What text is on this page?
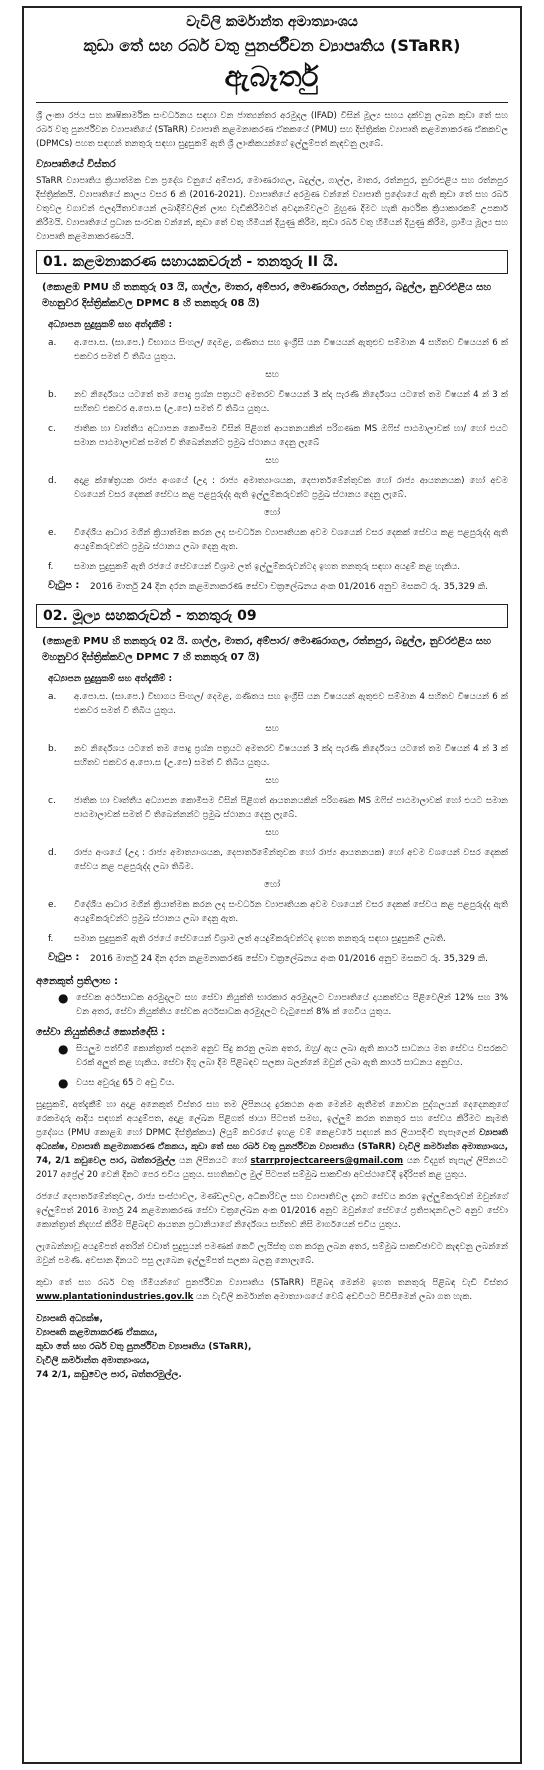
වැවිලි කර්මාන්ත අමාත්‍යාංශය
කුඩා තේ සහ රබර් වතු පුනර්ජීවන ව්‍යාපෘතිය (STaRR)
ඇබෑර්තු

ශ්‍රී ලංකා රජය සහ කෘෂිකාර්මික සංවර්ධනය සඳහා වන ජාත්‍යන්තර අරමුදල (IFAD) විසින් මූල්‍ය සහය දක්වනු ලබන කුඩා තේ සහ රබර් වතු පුනර්ජීවන ව්‍යාපෘතියේ (STaRR) ව්‍යාපෘති කළමනාකරණ ඒකකයේ (PMU) සහ දිස්ත්‍රික්ක ව්‍යාපෘති කළමනාකරණ ඒකකවල (DPMCs) පහත සඳහන් තනතුරු සඳහා සුදුසුකම් ඇති ශ්‍රී ලාංකිකයන්ගේ ඉල්ලුම්පත් කැඳවනු ලැබේ.

ව්‍යාපෘතියේ විස්තර

STaRR ව්‍යාපෘතිය ක්‍රියාත්මක වන ප්‍රදේශ වනුයේ අම්පාර, මොණරාගල, බදුල්ල, ගාල්ල, මාතර, රත්නපුර, නුවරඑළිය සහ රත්නපුර දිස්ත්‍රික්කයි. ව්‍යාපෘතියේ කාලය වසර 6 කි (2016-2021). ව්‍යාපෘතියේ අරමුණ වන්නේ ව්‍යාපෘති ප්‍රදේශයේ ඇති කුඩා තේ සහ රබර් වතුවල වගාවන් ඵලදායීතාවයෙන් ලබාදීම්වලින් ලාභ වැඩිකිරීමටත් අවදානම්වලට මුහුණ දීමට හැකි ආර්ථික ක්‍රියාකාරකම් උපකාර් කිරීමයි. ව්‍යාපෘතියේ ප්‍රධාන සංරචක වන්නේ, කුඩා තේ වතු හිමියන් දියුණු කිරීම, කුඩා රබර් වතු හිමියන් දියුණු කිරීම, ග්‍රාමීය මූල්‍ය සහ ව්‍යාපෘති කළමනාකරණයයි.

01. කළමනාකරණ සහායකවරුන් - තනතුරු II යි.
(කොළඹ PMU හි තනතුරු 03 යි, ගාල්ල, මාතර, අම්පාර, මොණරාගල, රත්නපුර, බදුල්ල, නුවරඑළිය සහ මහනුවර දිස්ත්‍රික්කවල DPMC 8 හි තනතුරු 08 යි)
අධ්‍යාපන සුදුසුකම් සහ අත්දැකීම් :
a.	අ.පො.ස. (සා.පෙ.) විභාගය සිංහල/ දෙමළ, ගණිතය සහ ඉංග්‍රීසි යන විෂයයන් ඇතුළුව සම්මාන 4 සහිතව විෂයයන් 6 ක් එකවර සමත් වී තිබිය යුතුය.
සහ
b.	නව නිර්දේශය යටතේ තම පොදු ප්‍රශ්න පත්‍රයට අමතරව විෂයයන් 3 ක්ද පැරණි නිර්දේශය යටතේ තම විෂයන් 4 න් 3 ක් සහිතව එකවර අ.පො.ස (උ.පෙ) සමත් වී තිබිය යුතුය.
c.	ජාතික හා වෘත්තීය අධ්‍යාපන කොමිසම විසින් පිළිගත් ආයතනයකින් පරිගණක MS ඔෆිස් පාඨමාලාවක් හා/ හෝ එයට සමාන පාඨමාලාවක් සමත් වී තිබෙන්නන්ට ප්‍රමුඛ ස්ථානය දෙනු ලැබේ
සහ
d.	අදාළ ක්ෂේත්‍රයක රාජ්‍ය අංශයේ (උදා : රාජ්‍ය අමාත්‍යාංශයක, දෙපාර්තමේන්තුවක හෝ රාජ්‍ය ආයතනයක) හෝ අවම වශයෙන් වසර දෙකක් සේවය කළ පළපුරුද්ද ඇති ඉල්ලුම්කරුවන්ට ප්‍රමුඛ ස්ථානය දෙනු ලැබේ.
හෝ
e.	විදේශීය ආධාර මගින් ක්‍රියාත්මක කරන ලද සංවර්ධන ව්‍යාපෘතියක අවම වශයෙන් වසර දෙකක් සේවය කළ පළපුරුද්ද ඇති අයදුම්කරුවන්ට ප්‍රමුඛ ස්ථානය ලබා දෙනු ඇත.
f.	සමාන සුදුසුකම් ඇති රජයේ සේවයෙන් විශ්‍රාම ලත් ඉල්ලුම්කරුවන්ටද ඉහත තනතුරු සඳහා අයදුම් කළ හැකිය.
වැටුප :	2016 මාර්තු 24 දින දරන කළමනාකරණ සේවා චක්‍රලේඛනය අංක 01/2016 අනුව මසකට රු. 35,329 කි.
02. මූල්‍ය සහකරුවන් - තනතුරු 09
(කොළඹ PMU හි තනතුරු 02 යි. ගාල්ල, මාතර, අම්පාර/ මොණරාගල, රත්නපුර, බදුල්ල, නුවරඑළිය සහ මහනුවර දිස්ත්‍රික්කවල DPMC 7 හි තනතුරු 07 යි)
අධ්‍යාපන සුදුසුකම් සහ අත්දැකීම් :
a.	අ.පො.ස. (සා.පෙ.) විභාගය සිංහල/ දෙමළ, ගණිතය සහ ඉංග්‍රීසි යන විෂයයන් ඇතුළුව සම්මාන 4 සහිතව විෂයයන් 6 ක් එකවර සමත් වී තිබිය යුතුය.
සහ
b.	නව නිර්දේශය යටතේ තම පොදු ප්‍රශ්න පත්‍රයට අමතරව විෂයයන් 3 ක්ද පැරණි නිර්දේශය යටතේ තම විෂයන් 4 න් 3 ක් සහිතව එකවර අ.පො.ස (උ.පෙ) සමත් වී තිබිය යුතුය.
සහ
c.	ජාතික හා වෘත්තීය අධ්‍යාපන කොමිසම විසින් පිළිගත් ආයතනයකින් පරිගණක MS ඔෆිස් පාඨමාලාවක් හෝ එයට සමාන පාඨමාලාවක් සමත් වී තිබෙන්නන්ට ප්‍රමුඛ ස්ථානය දෙනු ලැබේ.
සහ
d.	රාජ්‍ය අංශයේ (උදා : රාජ්‍ය අමාත්‍යාංශයක, දෙපාර්තමේන්තුවක හෝ රාජ්‍ය ආයතනයක) හෝ අවම වශයෙන් වසර දෙකක් සේවය කළ පළපුරුද්ද ලබා තිබීම.
හෝ
e.	විදේශීය ආධාර මගින් ක්‍රියාත්මක කරන ලද සංවර්ධන ව්‍යාපෘතියක අවම වශයෙන් වසර දෙකක් සේවය කළ පළපුරුද්ද ඇති අයදුම්කරුවන්ට ප්‍රමුඛ ස්ථානය ලබා දෙනු ඇත.
f.	සමාන සුදුසුකම් ඇති රජයේ සේවයෙන් විශ්‍රාම ලත් අයදුම්කරුවන්ටද ඉහත තනතුරු සඳහා සුදුසුකම් ලබති.
වැටුප :	2016 මාර්තු 24 දින දරන කළමනාකරණ සේවා චක්‍රලේඛනය අංක 01/2016 අනුව මසකට රු. 35,329 කි.
අනෙකුත් ප්‍රතිලාභ :
● සේවක අර්ථසාධක අරමුදලට සහ සේවා නියුක්ති භාරකාර අරමුදලට ව්‍යාපෘතියේ දායකත්වය පිළිවෙලින් 12% සහ 3% වන අතර, සේවා නියුක්තිය සේවක අර්ථසාධක අරමුදලට වැටුපෙන් 8% ක් ගෙවිය යුතුය.
සේවා නියුක්තියේ කොන්දේසි :
● සියලුම පත්වීම් කොන්ත්‍රාත් පදනම අනුව සිදු කරනු ලබන අතර, ඔහු/ ඇය ලබා ඇති කාර්ය සාධනය මත සේවය වසරකට වරක් අලුත් කළ හැකිය. සේවා දිගු ලබා දීම පිළිබඳව සලකා බලන්නේ ඔවුන් ලබා ඇති කාර්ය සාධනය අනුවය.
● වයස අවුරුදු 65 ට අඩු විය.

සුදුසුකම්, අත්දැකීම් හා අදාළ අනෙකුත් විස්තර සහ තම ලිපිනයද දුරකථන අංක මෙන්ම ඇතීමත් නොවන පුද්ගලයන් දෙදෙනකුගේ රෙකමදාරු ආදිය සඳහන් අයදුම්පත, අදාළ ලේඛන පිළිගත් ඡායා පිටපත් සමඟ, ඉල්ලුම් කරන තනතුර සහ සේවය කිරීමට කැමති ප්‍රදේශය (PMU කොළඹ හෝ DPMC දිස්ත්‍රික්කය) ලියුම් කවරයේ ඉහළ වම් කෙළවරේ සඳහන් කර ලියාපදිංචි තැපෑලෙන් ව්‍යාපෘති අධ්‍යක්ෂ, ව්‍යාපෘති කළමනාකරණ ඒකකය, කුඩා තේ සහ රබර් වතු පුනර්ජීවන ව්‍යාපෘතිය (STaRR) වැවිලි කර්මාන්ත අමාත්‍යාංශය, 74, 2/1 කඩුවෙල පාර, බත්තරමුල්ල යන ලිපිනයට හෝ starrprojectcareers@gmail.com යන විද්‍යුත් තැපැල් ලිපිනයට 2017 අප්‍රේල් 20 වෙනි දිනට පෙර එවිය යුතුය. සහතිකවල මුල් පිටපත් සම්මුඛ සාකච්ඡා අවස්ථාවේදී ඉදිරිපත් කළ යුතුය.

රජයේ දෙපාර්තමේන්තුවල, රාජ්‍ය සංස්ථාවල, මණ්ඩලවල, අධිකාරිවල සහ ව්‍යාපෘතිවල දැනට සේවය කරන ඉල්ලුම්කරුවන් ඔවුන්ගේ ඉල්ලුම්පත් 2016 මාර්තු 24 කළමනාකරණ සේවා චක්‍රලේඛන අංක 01/2016 අනුව ඔවුන්ගේ සේවයේ ප්‍රතිපාදනවලට අනුව සේවා කොන්ත්‍රාත් නිදහස් කිරීම පිළිබඳව ආයතන ප්‍රධානියාගේ නිර්දේශය සහිතව නිසි මාර්ගයෙන් එවිය යුතුය.

ලැබෙන්නාවූ අයදුම්පත් අතරින් වඩාත් සුදුසුයන් පමණක් කෙටි ලැයිස්තු ගත කරනු ලබන අතර, සම්මුඛ සාකච්ඡාවට කැඳවනු ලබන්නේ ඔවුන් පමණි. අවසාන දිනයට පසු ලැබෙන ඉල්ලුම්පත් සලකා බලනු නොලැබේ.

කුඩා තේ සහ රබර් වතු හිමියන්ගේ පුනර්ජීවන ව්‍යාපෘතිය (STaRR) පිළිබඳ මෙන්ම ඉහත තනතුරු පිළිබඳ වැඩි විස්තර www.plantationindustries.gov.lk යන වැවිලි කර්මාන්ත අමාත්‍යාංශයේ වෙබ් අඩවියට පිවිසීමෙන් ලබා ගත හැක.

ව්‍යාපෘති අධ්‍යක්ෂ,
ව්‍යාපෘති කළමනාකරණ ඒකකය,
කුඩා තේ සහ රබර් වතු පුනර්ජීවන ව්‍යාපෘතිය (STaRR),
වැවිලි කර්මාන්ත අමාත්‍යාංශය,
74 2/1, කඩුවෙල පාර, බත්තරමුල්ල.
